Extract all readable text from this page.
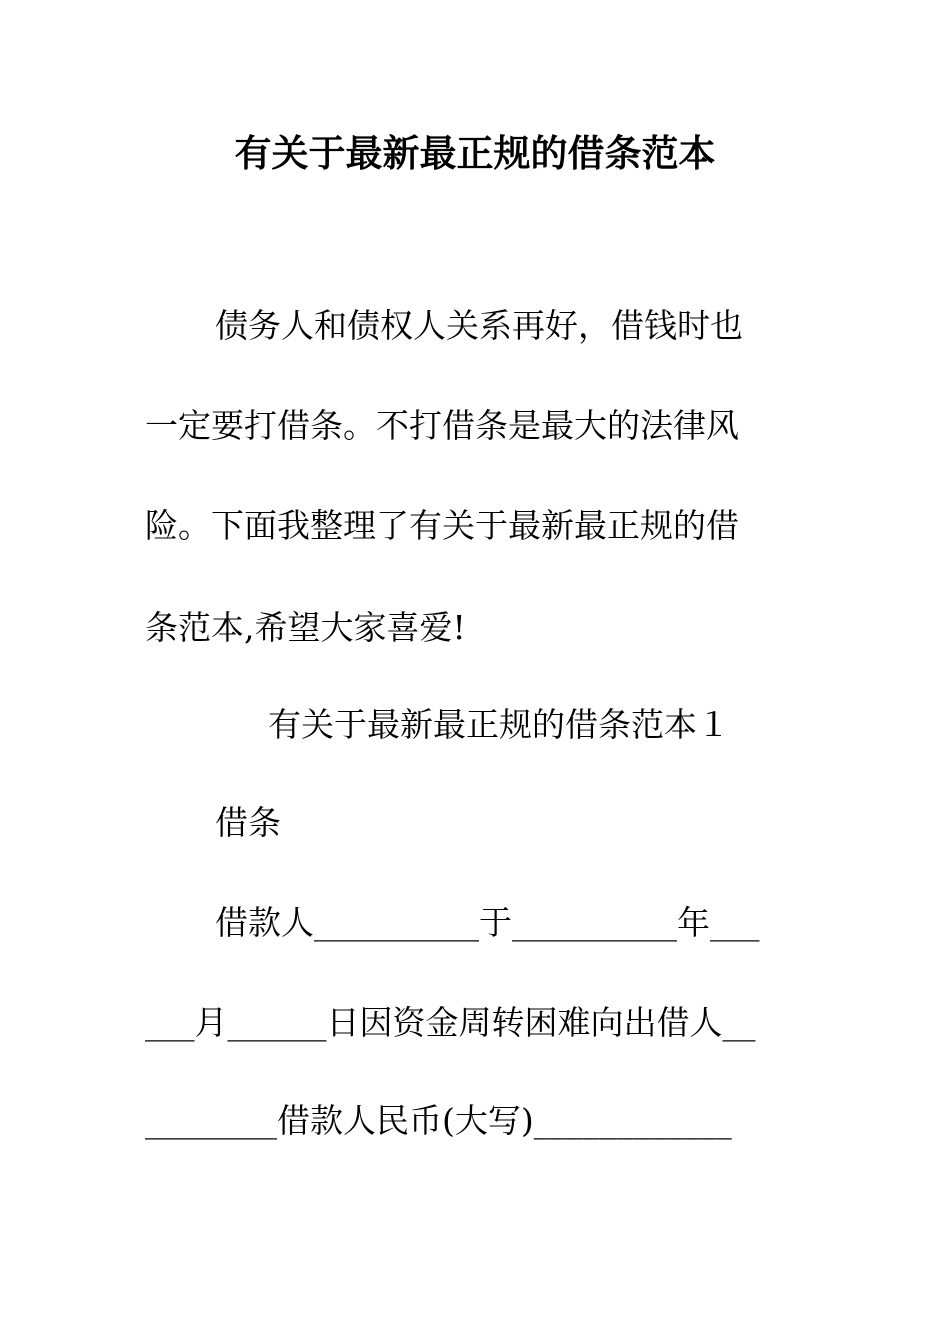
有关于最新最正规的借条范本
债务人和债权人关系再好，借钱时也
一定要打借条。不打借条是最大的法律风
险。下面我整理了有关于最新最正规的借
条范本,希望大家喜爱!
有关于最新最正规的借条范本１
借条
借款人__________于__________年___
___月______日因资金周转困难向出借人__
________借款人民币(大写)____________
